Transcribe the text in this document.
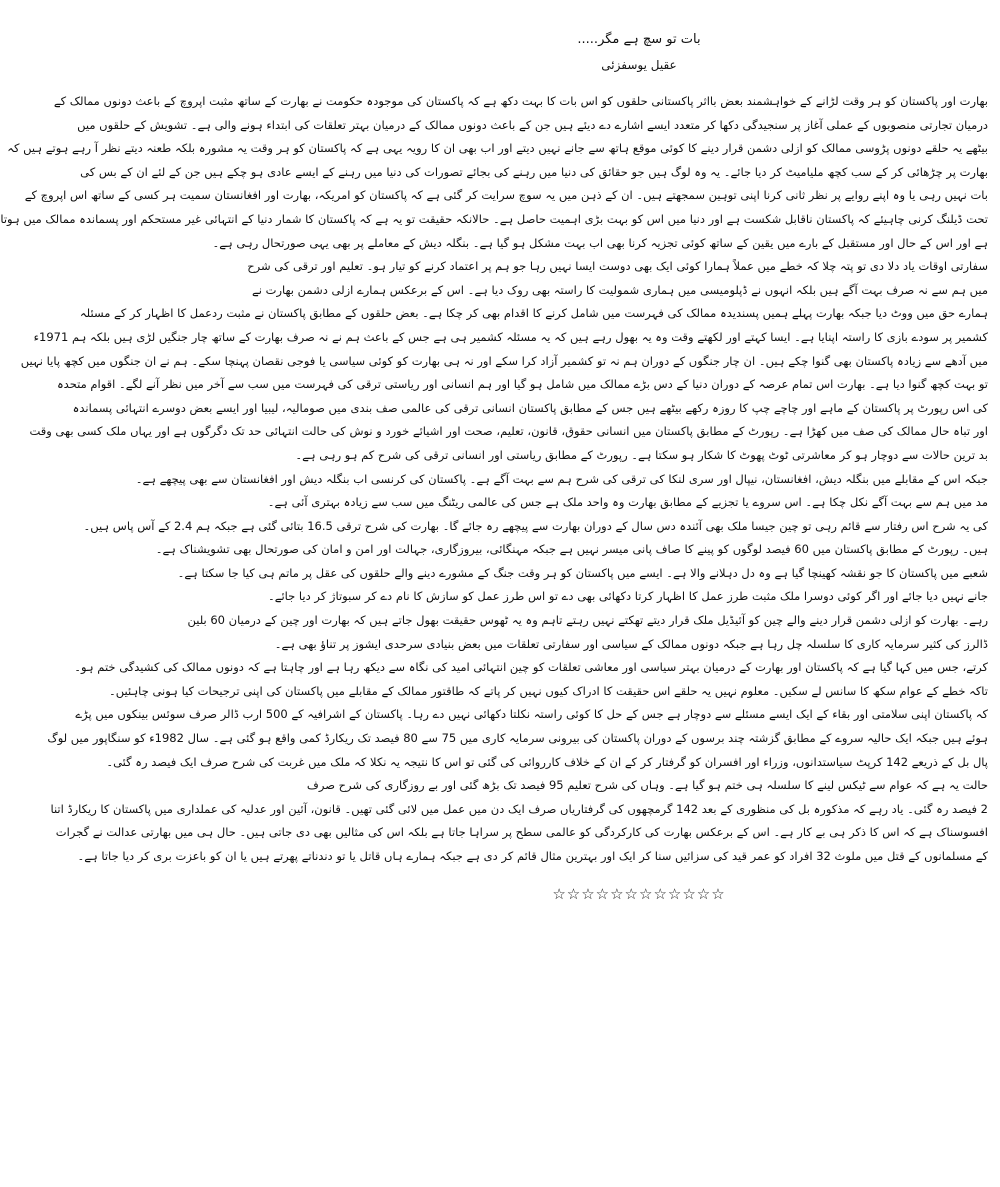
بات تو سچ ہے مگر.....
عقیل یوسفزئی
بھارت اور پاکستان کو ہر وقت لڑانے کے خواہشمند بعض بااثر پاکستانی حلقوں کو اس بات کا بہت دکھ ہے کہ پاکستان کی موجودہ حکومت نے بھارت کے ساتھ مثبت اپروچ کے باعث دونوں ممالک کے
درمیان تجارتی منصوبوں کے عملی آغاز پر سنجیدگی دکھا کر متعدد ایسے اشارے دے دیئے ہیں جن کے باعث دونوں ممالک کے درمیان بہتر تعلقات کی ابتداء ہونے والی ہے۔ تشویش کے حلقوں میں
بیٹھے یہ حلقے دونوں پڑوسی ممالک کو ازلی دشمن قرار دینے کا کوئی موقع ہاتھ سے جانے نہیں دیتے اور اب بھی ان کا رویہ یہی ہے کہ پاکستان کو ہر وقت یہ مشورہ بلکہ طعنہ دیتے نظر آ رہے ہوتے ہیں کہ
بھارت پر چڑھائی کر کے سب کچھ ملیامیٹ کر دیا جائے۔ یہ وہ لوگ ہیں جو حقائق کی دنیا میں رہنے کی بجائے تصورات کی دنیا میں رہنے کے ایسے عادی ہو چکے ہیں جن کے لئے ان کے بس کی
بات نہیں رہی یا وہ اپنے روایے پر نظر ثانی کرنا اپنی توہین سمجھتے ہیں۔ ان کے ذہن میں یہ سوچ سرایت کر گئی ہے کہ پاکستان کو امریکہ، بھارت اور افغانستان سمیت ہر کسی کے ساتھ اس اپروچ کے
تحت ڈیلنگ کرنی چاہیئے کہ پاکستان ناقابل شکست ہے اور دنیا میں اس کو بہت بڑی اہمیت حاصل ہے۔ حالانکہ حقیقت تو یہ ہے کہ پاکستان کا شمار دنیا کے انتہائی غیر مستحکم اور پسماندہ ممالک میں ہوتا
ہے اور اس کے حال اور مستقبل کے بارے میں یقین کے ساتھ کوئی تجزیہ کرنا بھی اب بہت مشکل ہو گیا ہے۔ بنگلہ دیش کے معاملے پر بھی یہی صورتحال رہی ہے۔
سفارتی اوقات یاد دلا دی تو پتہ چلا کہ خطے میں عملاً ہمارا کوئی ایک بھی دوست ایسا نہیں رہا جو ہم پر اعتماد کرنے کو تیار ہو۔ تعلیم اور ترقی کی شرح
میں ہم سے نہ صرف بہت آگے ہیں بلکہ انہوں نے ڈپلومیسی میں ہماری شمولیت کا راستہ بھی روک دیا ہے۔ اس کے برعکس ہمارے ازلی دشمن بھارت نے
ہمارے حق میں ووٹ دیا جبکہ بھارت پہلے ہمیں پسندیدہ ممالک کی فہرست میں شامل کرنے کا اقدام بھی کر چکا ہے۔ بعض حلقوں کے مطابق پاکستان نے مثبت ردعمل کا اظہار کر کے مسئلہ
کشمیر پر سودے بازی کا راستہ اپنایا ہے۔ ایسا کہتے اور لکھتے وقت وہ یہ بھول رہے ہیں کہ یہ مسئلہ کشمیر ہی ہے جس کے باعث ہم نے نہ صرف بھارت کے ساتھ چار جنگیں لڑی ہیں بلکہ ہم 1971ء
میں آدھے سے زیادہ پاکستان بھی گنوا چکے ہیں۔ ان چار جنگوں کے دوران ہم نہ تو کشمیر آزاد کرا سکے اور نہ ہی بھارت کو کوئی سیاسی یا فوجی نقصان پہنچا سکے۔ ہم نے ان جنگوں میں کچھ پایا نہیں
تو بہت کچھ گنوا دیا ہے۔ بھارت اس تمام عرصہ کے دوران دنیا کے دس بڑے ممالک میں شامل ہو گیا اور ہم انسانی اور ریاستی ترقی کی فہرست میں سب سے آخر میں نظر آنے لگے۔ اقوام متحدہ
کی اس رپورٹ پر پاکستان کے ماہے اور چاچے چپ کا روزہ رکھے بیٹھے ہیں جس کے مطابق پاکستان انسانی ترقی کی عالمی صف بندی میں صومالیہ، لیبیا اور ایسے بعض دوسرے انتہائی پسماندہ
اور تباہ حال ممالک کی صف میں کھڑا ہے۔ رپورٹ کے مطابق پاکستان میں انسانی حقوق، قانون، تعلیم، صحت اور اشیائے خورد و نوش کی حالت انتہائی حد تک دگرگوں ہے اور یہاں ملک کسی بھی وقت
بد ترین حالات سے دوچار ہو کر معاشرتی ٹوٹ پھوٹ کا شکار ہو سکتا ہے۔ رپورٹ کے مطابق ریاستی اور انسانی ترقی کی شرح کم ہو رہی ہے۔
جبکہ اس کے مقابلے میں بنگلہ دیش، افغانستان، نیپال اور سری لنکا کی ترقی کی شرح ہم سے بہت آگے ہے۔ پاکستان کی کرنسی اب بنگلہ دیش اور افغانستان سے بھی پیچھے ہے۔
مد میں ہم سے بہت آگے نکل چکا ہے۔ اس سروے یا تجزیے کے مطابق بھارت وہ واحد ملک ہے جس کی عالمی ریٹنگ میں سب سے زیادہ بہتری آئی ہے۔
کی یہ شرح اس رفتار سے قائم رہی تو چین جیسا ملک بھی آئندہ دس سال کے دوران بھارت سے پیچھے رہ جائے گا۔ بھارت کی شرح ترقی 16.5 بتائی گئی ہے جبکہ ہم 2.4 کے آس پاس ہیں۔
ہیں۔ رپورٹ کے مطابق پاکستان میں 60 فیصد لوگوں کو پینے کا صاف پانی میسر نہیں ہے جبکہ مہنگائی، بیروزگاری، جہالت اور امن و امان کی صورتحال بھی تشویشناک ہے۔
شعبے میں پاکستان کا جو نقشہ کھینچا گیا ہے وہ دل دہلانے والا ہے۔ ایسے میں پاکستان کو ہر وقت جنگ کے مشورے دینے والے حلقوں کی عقل پر ماتم ہی کیا جا سکتا ہے۔
جانے نہیں دیا جائے اور اگر کوئی دوسرا ملک مثبت طرز عمل کا اظہار کرتا دکھائی بھی دے تو اس طرز عمل کو سازش کا نام دے کر سبوتاژ کر دیا جائے۔
رہے۔ بھارت کو ازلی دشمن قرار دینے والے چین کو آئیڈیل ملک قرار دیتے تھکتے نہیں رہتے تاہم وہ یہ ٹھوس حقیقت بھول جاتے ہیں کہ بھارت اور چین کے درمیان 60 بلین
ڈالرز کی کثیر سرمایہ کاری کا سلسلہ چل رہا ہے جبکہ دونوں ممالک کے سیاسی اور سفارتی تعلقات میں بعض بنیادی سرحدی ایشوز پر تناؤ بھی ہے۔
کرتے، جس میں کہا گیا ہے کہ پاکستان اور بھارت کے درمیان بہتر سیاسی اور معاشی تعلقات کو چین انتہائی امید کی نگاہ سے دیکھ رہا ہے اور چاہتا ہے کہ دونوں ممالک کی کشیدگی ختم ہو۔
تاکہ خطے کے عوام سکھ کا سانس لے سکیں۔ معلوم نہیں یہ حلقے اس حقیقت کا ادراک کیوں نہیں کر پاتے کہ طاقتور ممالک کے مقابلے میں پاکستان کی اپنی ترجیحات کیا ہونی چاہئیں۔
کہ پاکستان اپنی سلامتی اور بقاء کے ایک ایسے مسئلے سے دوچار ہے جس کے حل کا کوئی راستہ نکلتا دکھائی نہیں دے رہا۔ پاکستان کے اشرافیہ کے 500 ارب ڈالر صرف سوئس بینکوں میں پڑے
ہوئے ہیں جبکہ ایک حالیہ سروے کے مطابق گزشتہ چند برسوں کے دوران پاکستان کی بیرونی سرمایہ کاری میں 75 سے 80 فیصد تک ریکارڈ کمی واقع ہو گئی ہے۔ سال 1982ء کو سنگاپور میں لوگ
پال بل کے ذریعے 142 کرپٹ سیاستدانوں، وزراء اور افسران کو گرفتار کر کے ان کے خلاف کارروائی کی گئی تو اس کا نتیجہ یہ نکلا کہ ملک میں غربت کی شرح صرف ایک فیصد رہ گئی۔
حالت یہ ہے کہ عوام سے ٹیکس لینے کا سلسلہ ہی ختم ہو گیا ہے۔ وہاں کی شرح تعلیم 95 فیصد تک بڑھ گئی اور بے روزگاری کی شرح صرف
2 فیصد رہ گئی۔ یاد رہے کہ مذکورہ بل کی منظوری کے بعد 142 گرمچھوں کی گرفتاریاں صرف ایک دن میں عمل میں لائی گئی تھیں۔ قانون، آئین اور عدلیہ کی عملداری میں پاکستان کا ریکارڈ اتنا
افسوسناک ہے کہ اس کا ذکر ہی بے کار ہے۔ اس کے برعکس بھارت کی کارکردگی کو عالمی سطح پر سراہا جاتا ہے بلکہ اس کی مثالیں بھی دی جاتی ہیں۔ حال ہی میں بھارتی عدالت نے گجرات
کے مسلمانوں کے قتل میں ملوث 32 افراد کو عمر قید کی سزائیں سنا کر ایک اور بہترین مثال قائم کر دی ہے جبکہ ہمارے ہاں قاتل یا تو دندناتے پھرتے ہیں یا ان کو باعزت بری کر دیا جاتا ہے۔
☆☆☆☆☆☆☆☆☆☆☆☆
